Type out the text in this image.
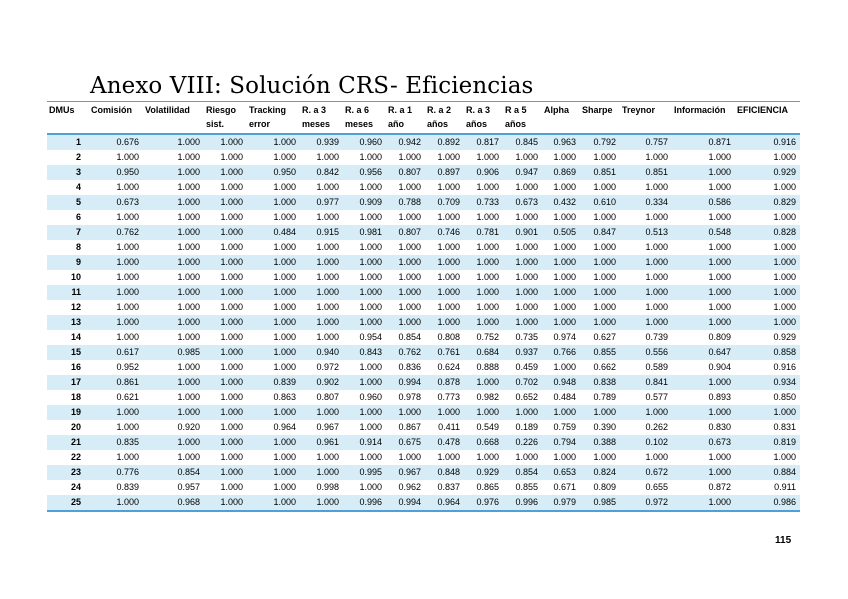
Anexo VIII: Solución CRS- Eficiencias
DMUs	Comisión	Volatilidad	Riesgo sist.	Tracking error	R. a 3 meses	R. a 6 meses	R. a 1 año	R. a 2 años	R. a 3 años	R a 5 años	Alpha	Sharpe	Treynor	Información	EFICIENCIA
1	0.676	1.000	1.000	1.000	0.939	0.960	0.942	0.892	0.817	0.845	0.963	0.792	0.757	0.871	0.916
2	1.000	1.000	1.000	1.000	1.000	1.000	1.000	1.000	1.000	1.000	1.000	1.000	1.000	1.000	1.000
3	0.950	1.000	1.000	0.950	0.842	0.956	0.807	0.897	0.906	0.947	0.869	0.851	0.851	1.000	0.929
4	1.000	1.000	1.000	1.000	1.000	1.000	1.000	1.000	1.000	1.000	1.000	1.000	1.000	1.000	1.000
5	0.673	1.000	1.000	1.000	0.977	0.909	0.788	0.709	0.733	0.673	0.432	0.610	0.334	0.586	0.829
6	1.000	1.000	1.000	1.000	1.000	1.000	1.000	1.000	1.000	1.000	1.000	1.000	1.000	1.000	1.000
7	0.762	1.000	1.000	0.484	0.915	0.981	0.807	0.746	0.781	0.901	0.505	0.847	0.513	0.548	0.828
8	1.000	1.000	1.000	1.000	1.000	1.000	1.000	1.000	1.000	1.000	1.000	1.000	1.000	1.000	1.000
9	1.000	1.000	1.000	1.000	1.000	1.000	1.000	1.000	1.000	1.000	1.000	1.000	1.000	1.000	1.000
10	1.000	1.000	1.000	1.000	1.000	1.000	1.000	1.000	1.000	1.000	1.000	1.000	1.000	1.000	1.000
11	1.000	1.000	1.000	1.000	1.000	1.000	1.000	1.000	1.000	1.000	1.000	1.000	1.000	1.000	1.000
12	1.000	1.000	1.000	1.000	1.000	1.000	1.000	1.000	1.000	1.000	1.000	1.000	1.000	1.000	1.000
13	1.000	1.000	1.000	1.000	1.000	1.000	1.000	1.000	1.000	1.000	1.000	1.000	1.000	1.000	1.000
14	1.000	1.000	1.000	1.000	1.000	0.954	0.854	0.808	0.752	0.735	0.974	0.627	0.739	0.809	0.929
15	0.617	0.985	1.000	1.000	0.940	0.843	0.762	0.761	0.684	0.937	0.766	0.855	0.556	0.647	0.858
16	0.952	1.000	1.000	1.000	0.972	1.000	0.836	0.624	0.888	0.459	1.000	0.662	0.589	0.904	0.916
17	0.861	1.000	1.000	0.839	0.902	1.000	0.994	0.878	1.000	0.702	0.948	0.838	0.841	1.000	0.934
18	0.621	1.000	1.000	0.863	0.807	0.960	0.978	0.773	0.982	0.652	0.484	0.789	0.577	0.893	0.850
19	1.000	1.000	1.000	1.000	1.000	1.000	1.000	1.000	1.000	1.000	1.000	1.000	1.000	1.000	1.000
20	1.000	0.920	1.000	0.964	0.967	1.000	0.867	0.411	0.549	0.189	0.759	0.390	0.262	0.830	0.831
21	0.835	1.000	1.000	1.000	0.961	0.914	0.675	0.478	0.668	0.226	0.794	0.388	0.102	0.673	0.819
22	1.000	1.000	1.000	1.000	1.000	1.000	1.000	1.000	1.000	1.000	1.000	1.000	1.000	1.000	1.000
23	0.776	0.854	1.000	1.000	1.000	0.995	0.967	0.848	0.929	0.854	0.653	0.824	0.672	1.000	0.884
24	0.839	0.957	1.000	1.000	0.998	1.000	0.962	0.837	0.865	0.855	0.671	0.809	0.655	0.872	0.911
25	1.000	0.968	1.000	1.000	1.000	0.996	0.994	0.964	0.976	0.996	0.979	0.985	0.972	1.000	0.986
115
